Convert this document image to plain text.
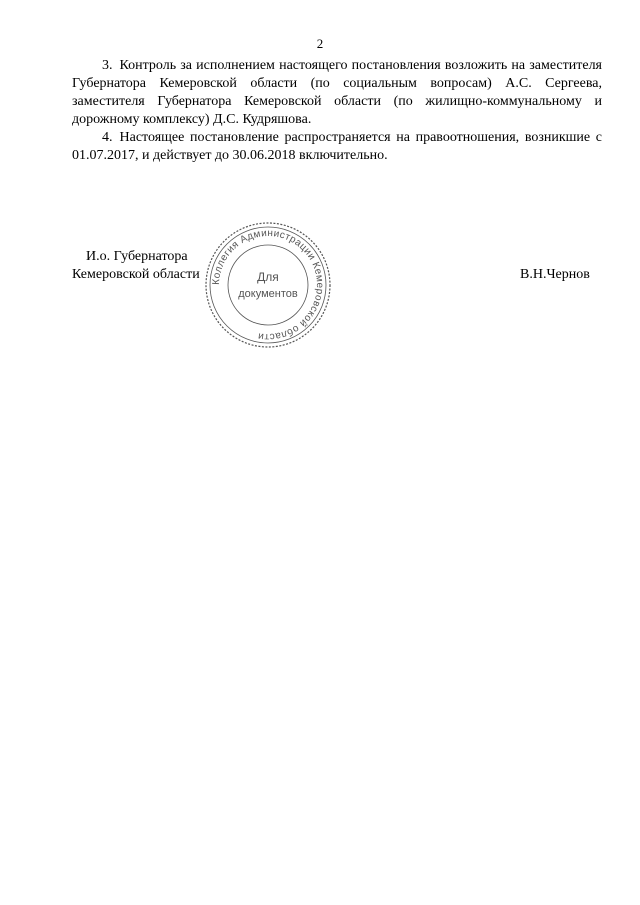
2

3. Контроль за исполнением настоящего постановления возложить на заместителя Губернатора Кемеровской области (по социальным вопросам) А.С. Сергеева, заместителя Губернатора Кемеровской области (по жилищно-коммунальному и дорожному комплексу) Д.С. Кудряшова.

4. Настоящее постановление распространяется на правоотношения, возникшие с 01.07.2017, и действует до 30.06.2018 включительно.

И.о. Губернатора
Кемеровской области	В.Н.Чернов
Коллегия Администрации Кемеровской области
Для
документов
